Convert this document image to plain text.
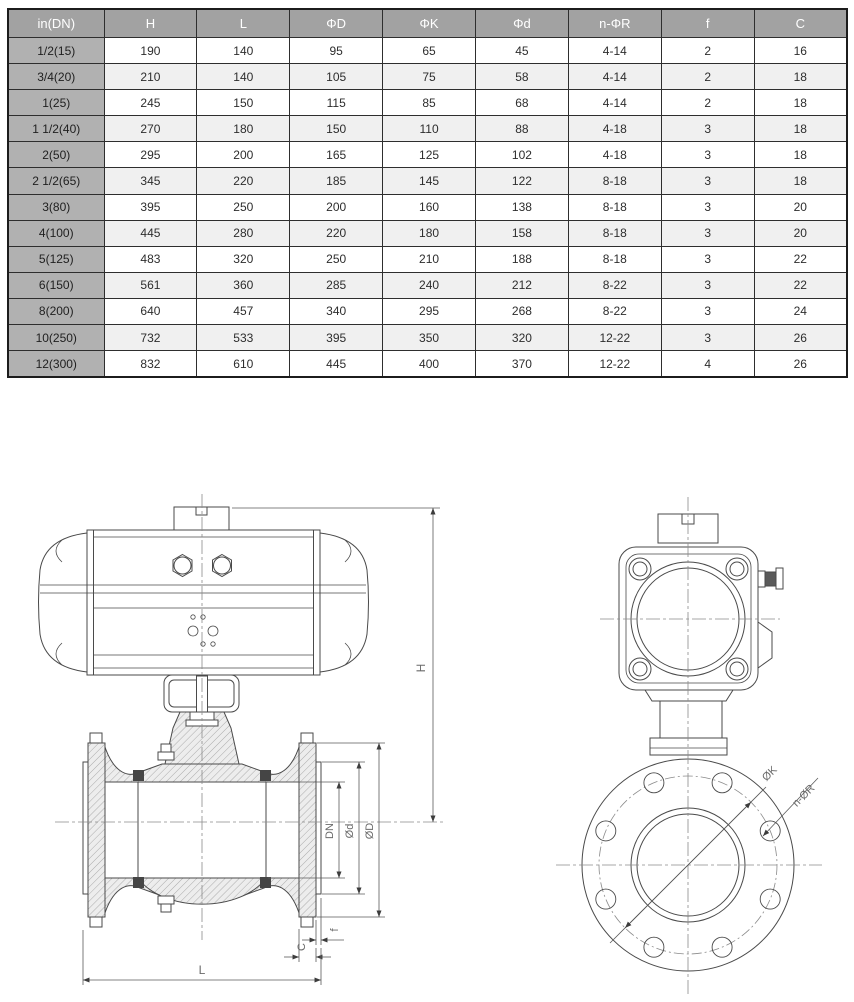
H
DN Ød ØD
f
C
L
ØK
n-ØR
in(DN)	H	L	ΦD	ΦK	Φd	n-ΦR	f	C
1/2(15)	190	140	95	65	45	4-14	2	16
3/4(20)	210	140	105	75	58	4-14	2	18
1(25)	245	150	115	85	68	4-14	2	18
1 1/2(40)	270	180	150	110	88	4-18	3	18
2(50)	295	200	165	125	102	4-18	3	18
2 1/2(65)	345	220	185	145	122	8-18	3	18
3(80)	395	250	200	160	138	8-18	3	20
4(100)	445	280	220	180	158	8-18	3	20
5(125)	483	320	250	210	188	8-18	3	22
6(150)	561	360	285	240	212	8-22	3	22
8(200)	640	457	340	295	268	8-22	3	24
10(250)	732	533	395	350	320	12-22	3	26
12(300)	832	610	445	400	370	12-22	4	26
